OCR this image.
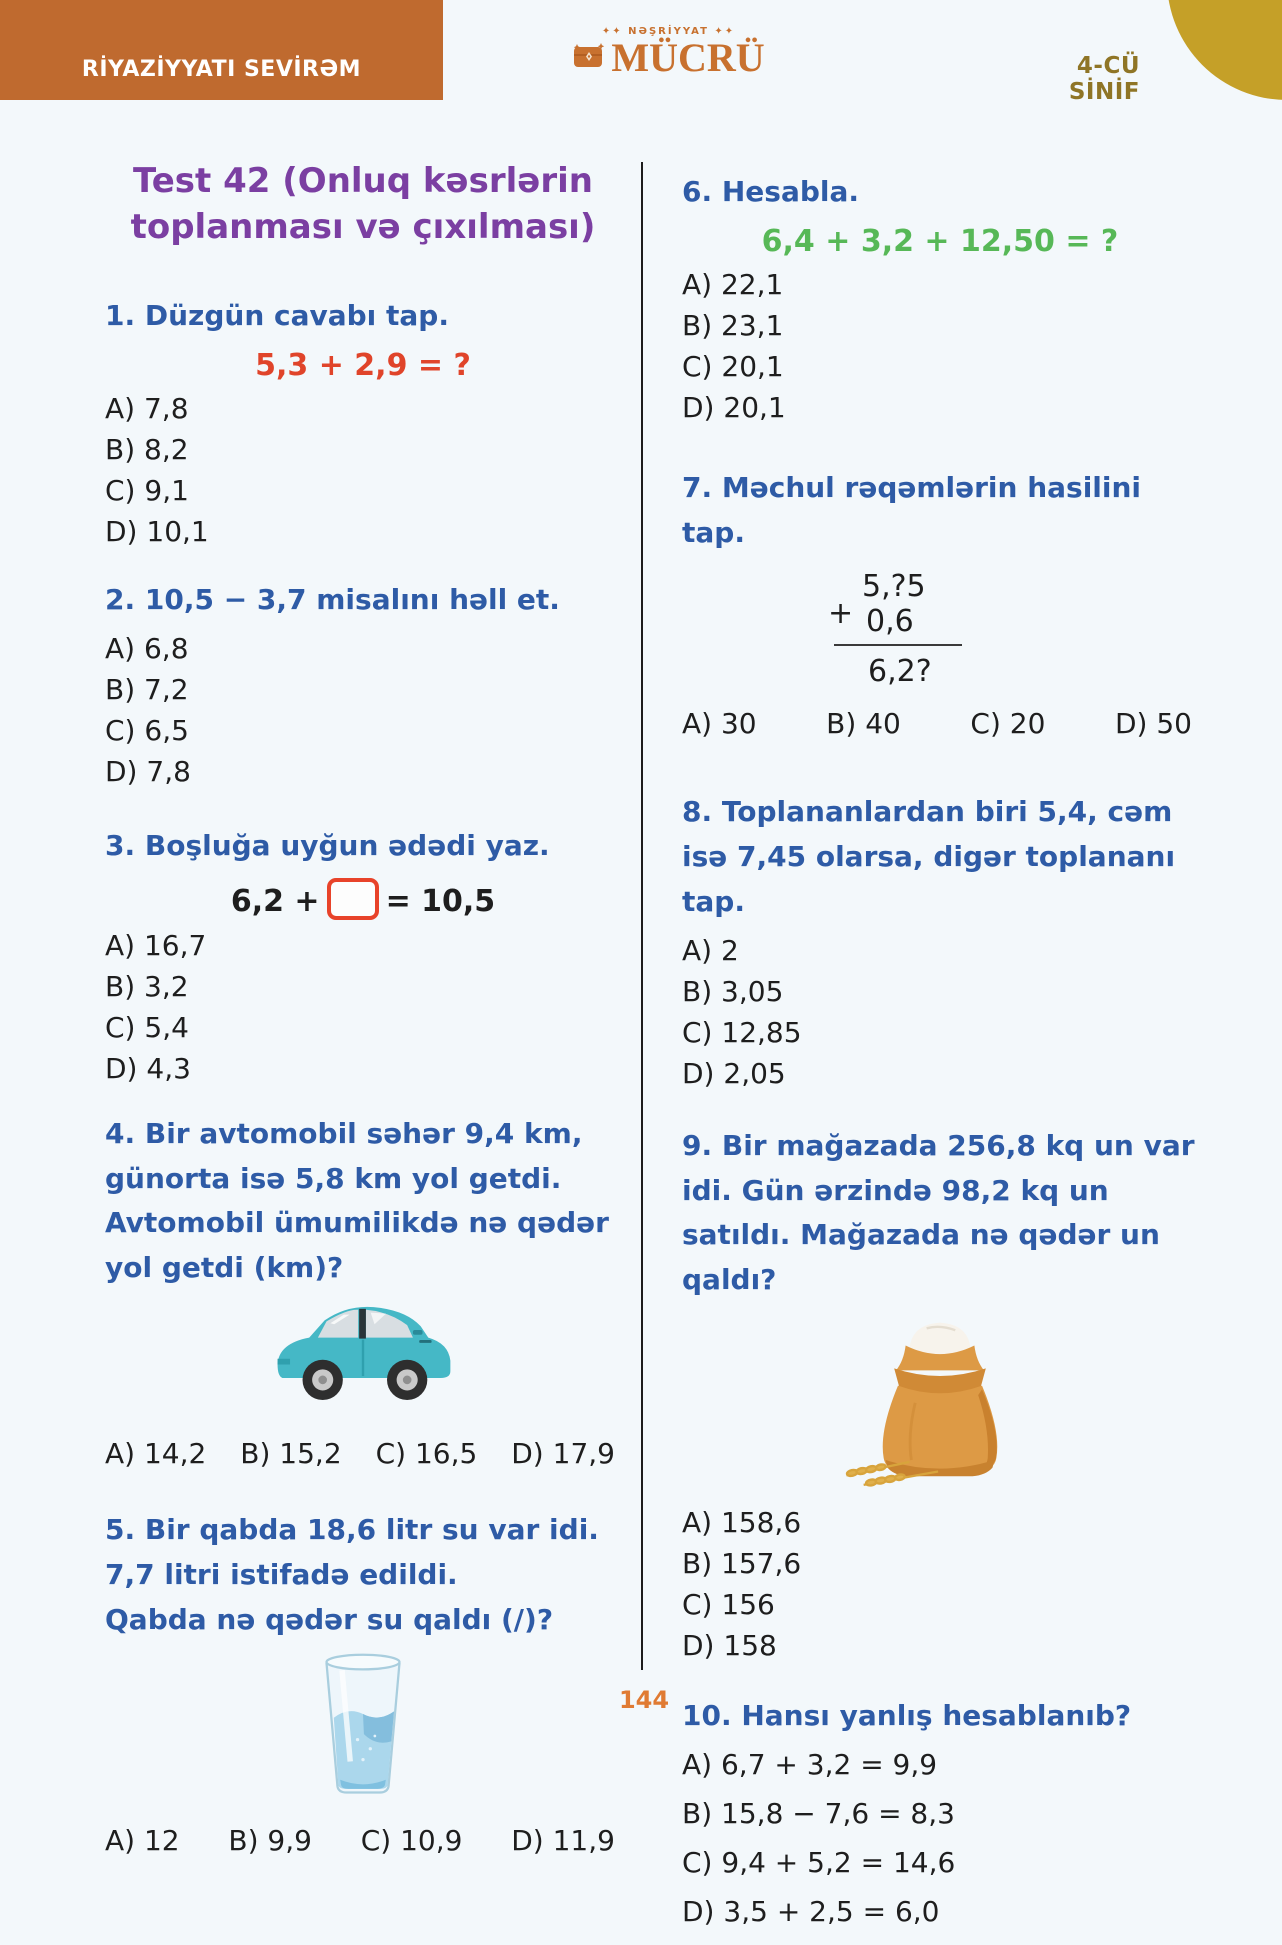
RİYAZİYYATI SEVİRƏM
✦✦ NƏŞRİYYAT ✦✦
MÜCRÜ	4-CÜ SİNİF
Test 42 (Onluq kəsrlərin
toplanması və çıxılması)

1. Düzgün cavabı tap.

5,3 + 2,9 = ?
A) 7,8
B) 8,2
C) 9,1
D) 10,1

2. 10,5 − 3,7 misalını həll et.

A) 6,8
B) 7,2
C) 6,5
D) 7,8

3. Boşluğa uyğun ədədi yaz.

6,2 + = 10,5
A) 16,7
B) 3,2
C) 5,4
D) 4,3

4. Bir avtomobil səhər 9,4 km, günorta isə 5,8 km yol getdi. Avtomobil ümumilikdə nə qədər yol getdi (km)?

A) 14,2 B) 15,2 C) 16,5 D) 17,9

5. Bir qabda 18,6 litr su var idi. 7,7 litri istifadə edildi.
Qabda nə qədər su qaldı (/)?

A) 12 B) 9,9 C) 10,9 D) 11,9

6. Hesabla.

6,4 + 3,2 + 12,50 = ?
A) 22,1
B) 23,1
C) 20,1
D) 20,1

7. Məchul rəqəmlərin hasilini tap.

+
5,?5
0,6
6,2?
A) 30 B) 40 C) 20 D) 50

8. Toplananlardan biri 5,4, cəm isə 7,45 olarsa, digər toplananı tap.

A) 2
B) 3,05
C) 12,85
D) 2,05

9. Bir mağazada 256,8 kq un var idi. Gün ərzində 98,2 kq un satıldı. Mağazada nə qədər un qaldı?

A) 158,6
B) 157,6
C) 156
D) 158

10. Hansı yanlış hesablanıb?

A) 6,7 + 3,2 = 9,9
B) 15,8 − 7,6 = 8,3
C) 9,4 + 5,2 = 14,6
D) 3,5 + 2,5 = 6,0
144
